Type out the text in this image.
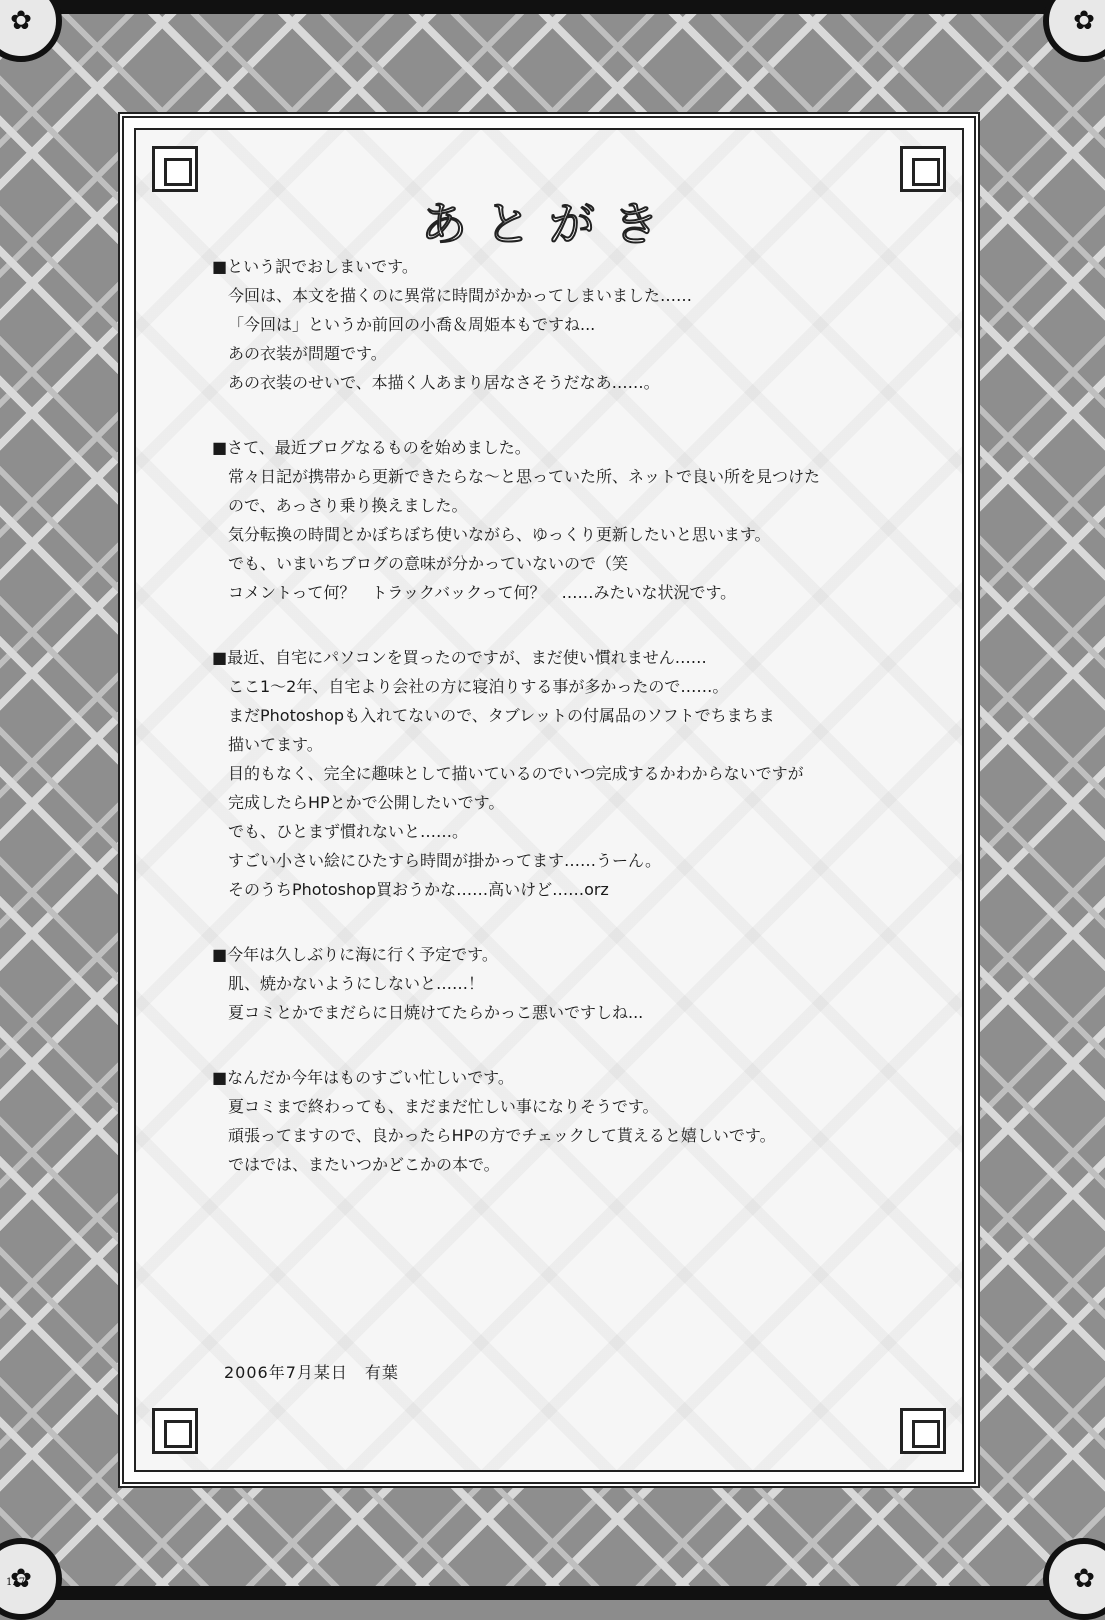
✿
✿
✿
✿
あとがき
■という訳でおしまいです。
今回は、本文を描くのに異常に時間がかかってしまいました……
「今回は」というか前回の小喬＆周姫本もですね...
あの衣装が問題です。
あの衣装のせいで、本描く人あまり居なさそうだなあ……。
■さて、最近ブログなるものを始めました。
常々日記が携帯から更新できたらな～と思っていた所、ネットで良い所を見つけた
ので、あっさり乗り換えました。
気分転換の時間とかぼちぼち使いながら、ゆっくり更新したいと思います。
でも、いまいちブログの意味が分かっていないので（笑
コメントって何？　トラックバックって何？　……みたいな状況です。
■最近、自宅にパソコンを買ったのですが、まだ使い慣れません……
ここ1～2年、自宅より会社の方に寝泊りする事が多かったので……。
まだPhotoshopも入れてないので、タブレットの付属品のソフトでちまちま
描いてます。
目的もなく、完全に趣味として描いているのでいつ完成するかわからないですが
完成したらHPとかで公開したいです。
でも、ひとまず慣れないと……。
すごい小さい絵にひたすら時間が掛かってます……うーん。
そのうちPhotoshop買おうかな……高いけど……orz
■今年は久しぶりに海に行く予定です。
肌、焼かないようにしないと……！
夏コミとかでまだらに日焼けてたらかっこ悪いですしね...
■なんだか今年はものすごい忙しいです。
夏コミまで終わっても、まだまだ忙しい事になりそうです。
頑張ってますので、良かったらHPの方でチェックして貰えると嬉しいです。
ではでは、またいつかどこかの本で。
2006年7月某日　有葉
127
